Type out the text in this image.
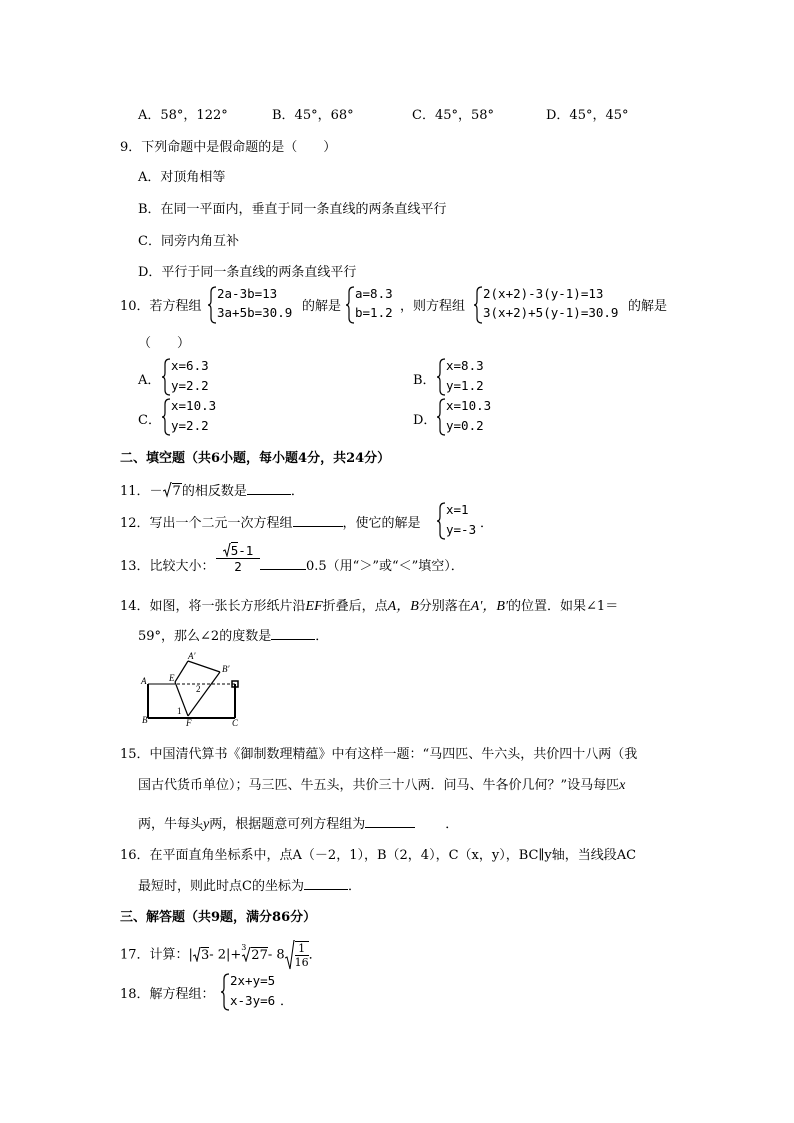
A．58°，122°	B．45°，68°	C．45°，58°	D．45°，45°
9．下列命题中是假命题的是（　　）
A．对顶角相等
B．在同一平面内，垂直于同一条直线的两条直线平行
C．同旁内角互补
D．平行于同一条直线的两条直线平行
10．若方程组
2a-3b=13
3a+5b=30.9 的解是
a=8.3
b=1.2 ，则方程组
2(x+2)-3(y-1)=13
3(x+2)+5(y-1)=30.9 的解是
（　　）
A．
x=6.3
y=2.2	B．
x=8.3
y=1.2
C．
x=10.3
y=2.2	D．
x=10.3
y=0.2
二、填空题（共6小题，每小题4分，共24分）
11．－ 7的相反数是	．
12．写出一个二元一次方程组	，使它的解是
x=1
y=-3 ．
13．比较大小： $\frac{5-1}{2}$	0.5（用“＞”或“＜”填空）．
14．如图，将一张长方形纸片沿EF折叠后，点A，B分别落在A′，B′的位置．如果∠1＝
59°，那么∠2的度数是	．
A′
B′
A	E
2
1
B	F	C
15．中国清代算书《御制数理精蕴》中有这样一题：“马四匹、牛六头，共价四十八两（我
国古代货币单位）；马三匹、牛五头，共价三十八两．问马、牛各价几何？”设马每匹x
两，牛每头y两，根据题意可列方程组为	．
16．在平面直角坐标系中，点A（－2，1），B（2，4），C（x，y），BC∥y轴，当线段AC
最短时，则此时点C的坐标为	．
三、解答题（共9题，满分86分）
17．计算：| 3- 2|+
3
27- $8 \frac{1}{16}$ ．
18．解方程组：
2x+y=5
x-3y=6 ．
